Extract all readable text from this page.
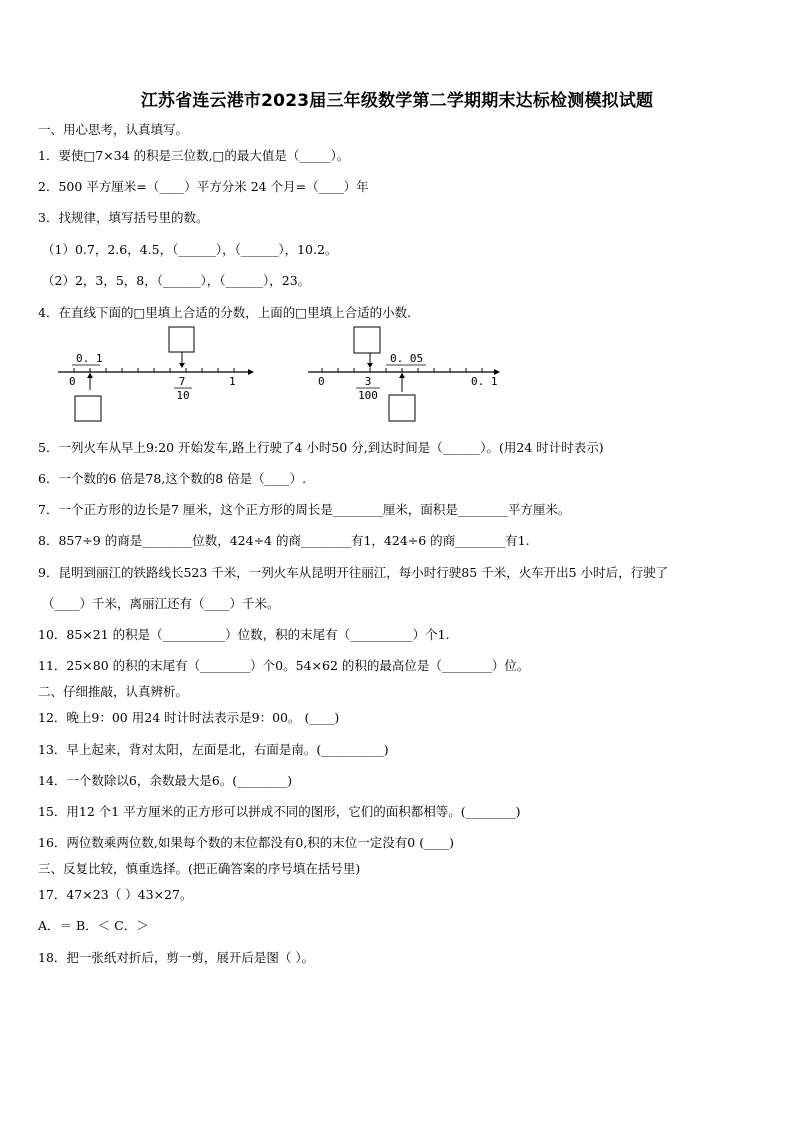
江苏省连云港市2023届三年级数学第二学期期末达标检测模拟试题
一、用心思考，认真填写。
1．要使□7×34 的积是三位数,□的最大值是（_____）。
2．500 平方厘米=（____）平方分米 24 个月=（____）年
3．找规律，填写括号里的数。
（1）0.7，2.6，4.5，（______），（______），10.2。
（2）2，3，5，8，（______），（______），23。
4．在直线下面的□里填上合适的分数，上面的□里填上合适的小数.
0. 1
0	1
7
10
0. 05
0	0. 1
3
100
5．一列火车从早上9:20 开始发车,路上行驶了4 小时50 分,到达时间是（______）。(用24 时计时表示)
6．一个数的6 倍是78,这个数的8 倍是（____）.
7．一个正方形的边长是7 厘米，这个正方形的周长是________厘米，面积是________平方厘米。
8．857÷9 的商是________位数，424÷4 的商________有1，424÷6 的商________有1.
9．昆明到丽江的铁路线长523 千米，一列火车从昆明开往丽江，每小时行驶85 千米，火车开出5 小时后，行驶了
（____）千米，离丽江还有（____）千米。
10．85×21 的积是（__________）位数，积的末尾有（__________）个1.
11．25×80 的积的末尾有（________）个0。54×62 的积的最高位是（________）位。
二、仔细推敲，认真辨析。
12．晚上9：00 用24 时计时法表示是9：00。 (____)
13．早上起来，背对太阳，左面是北，右面是南。(__________)
14．一个数除以6，余数最大是6。(________)
15．用12 个1 平方厘米的正方形可以拼成不同的图形，它们的面积都相等。(________)
16．两位数乘两位数,如果每个数的末位都没有0,积的末位一定没有0 (____)
三、反复比较，慎重选择。(把正确答案的序号填在括号里)
17．47×23（ ）43×27。
A．＝ B．＜ C．＞
18．把一张纸对折后，剪一剪，展开后是图（ ）。
